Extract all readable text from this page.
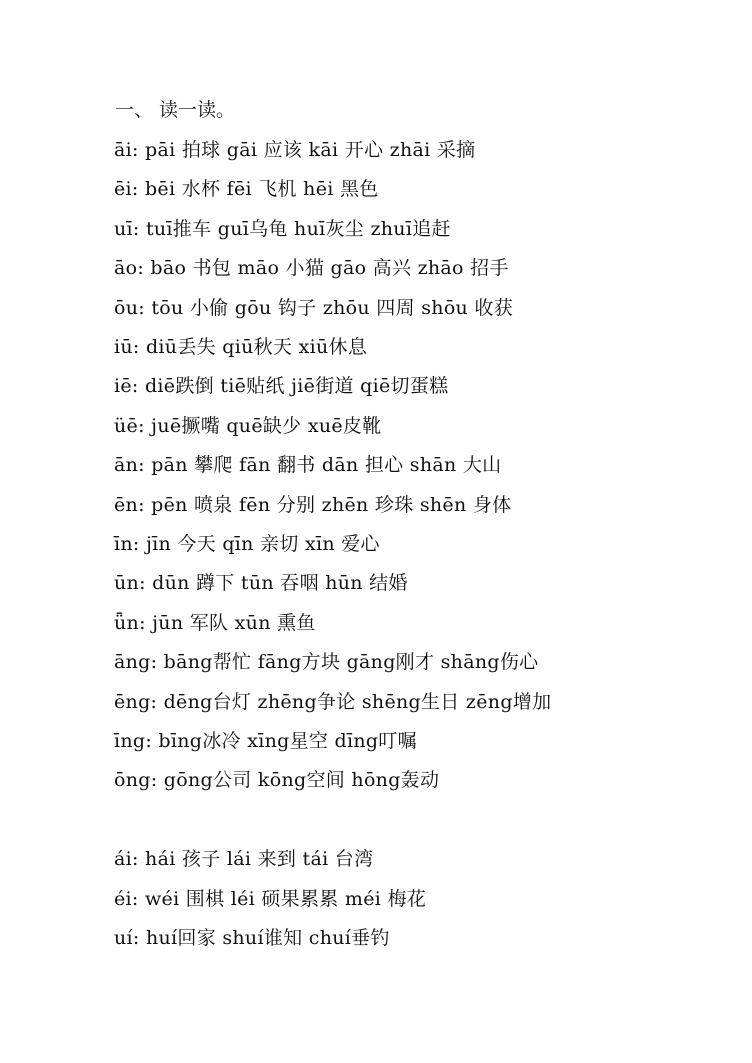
一、 读一读。
āi: pāi 拍球 gāi 应该 kāi 开心 zhāi 采摘
ēi: bēi 水杯 fēi 飞机 hēi 黑色
uī: tuī推车 guī乌龟 huī灰尘 zhuī追赶
āo: bāo 书包 māo 小猫 gāo 高兴 zhāo 招手
ōu: tōu 小偷 gōu 钩子 zhōu 四周 shōu 收获
iū: diū丢失 qiū秋天 xiū休息
iē: diē跌倒 tiē贴纸 jiē街道 qiē切蛋糕
üē: juē撅嘴 quē缺少 xuē皮靴
ān: pān 攀爬 fān 翻书 dān 担心 shān 大山
ēn: pēn 喷泉 fēn 分别 zhēn 珍珠 shēn 身体
īn: jīn 今天 qīn 亲切 xīn 爱心
ūn: dūn 蹲下 tūn 吞咽 hūn 结婚
ǖn: jūn 军队 xūn 熏鱼
āng: bāng帮忙 fāng方块 gāng刚才 shāng伤心
ēng: dēng台灯 zhēng争论 shēng生日 zēng增加
īng: bīng冰冷 xīng星空 dīng叮嘱
ōng: gōng公司 kōng空间 hōng轰动
ái: hái 孩子 lái 来到 tái 台湾
éi: wéi 围棋 léi 硕果累累 méi 梅花
uí: huí回家 shuí谁知 chuí垂钓
